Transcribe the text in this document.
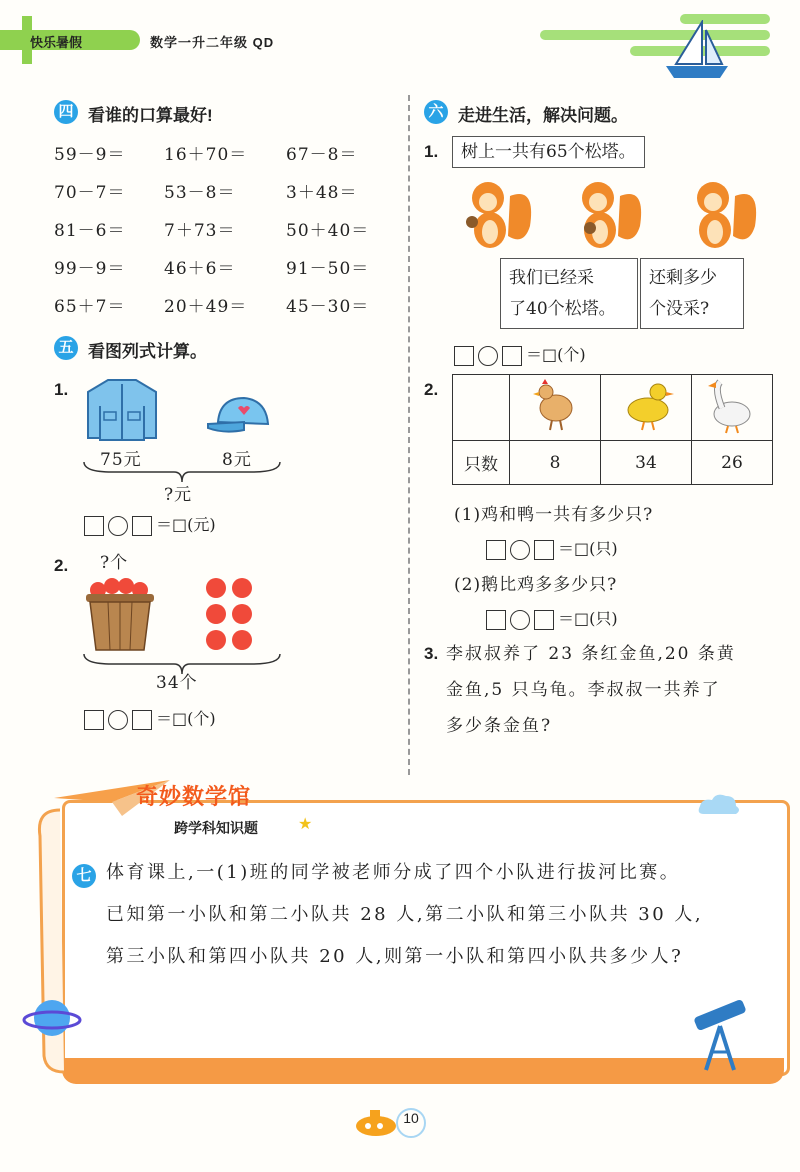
快乐暑假	数学一升二年级 QD
四 看谁的口算最好!
59－9＝ 16＋70＝ 67－8＝
70－7＝ 53－8＝	3＋48＝
81－6＝ 7＋73＝	50＋40＝
99－9＝ 46＋6＝	91－50＝
65＋7＝ 20＋49＝ 45－30＝
五 看图列式计算。
1.
75元	8元
?元
＝□(元)
2. ?个
34个
＝□(个)
六 走进生活，解决问题。
1.	树上一共有65个松塔。
我们已经采
了40个松塔。
还剩多少
个没采?
＝□(个)
2.

只数	8	34	26
(1)鸡和鸭一共有多少只?
＝□(只)
(2)鹅比鸡多多少只?
＝□(只)
3. 李叔叔养了 23 条红金鱼,20 条黄
金鱼,5 只乌龟。李叔叔一共养了
多少条金鱼?
奇妙数学馆
跨学科知识题	★
七 体育课上,一(1)班的同学被老师分成了四个小队进行拔河比赛。
已知第一小队和第二小队共 28 人,第二小队和第三小队共 30 人,
第三小队和第四小队共 20 人,则第一小队和第四小队共多少人?
10
